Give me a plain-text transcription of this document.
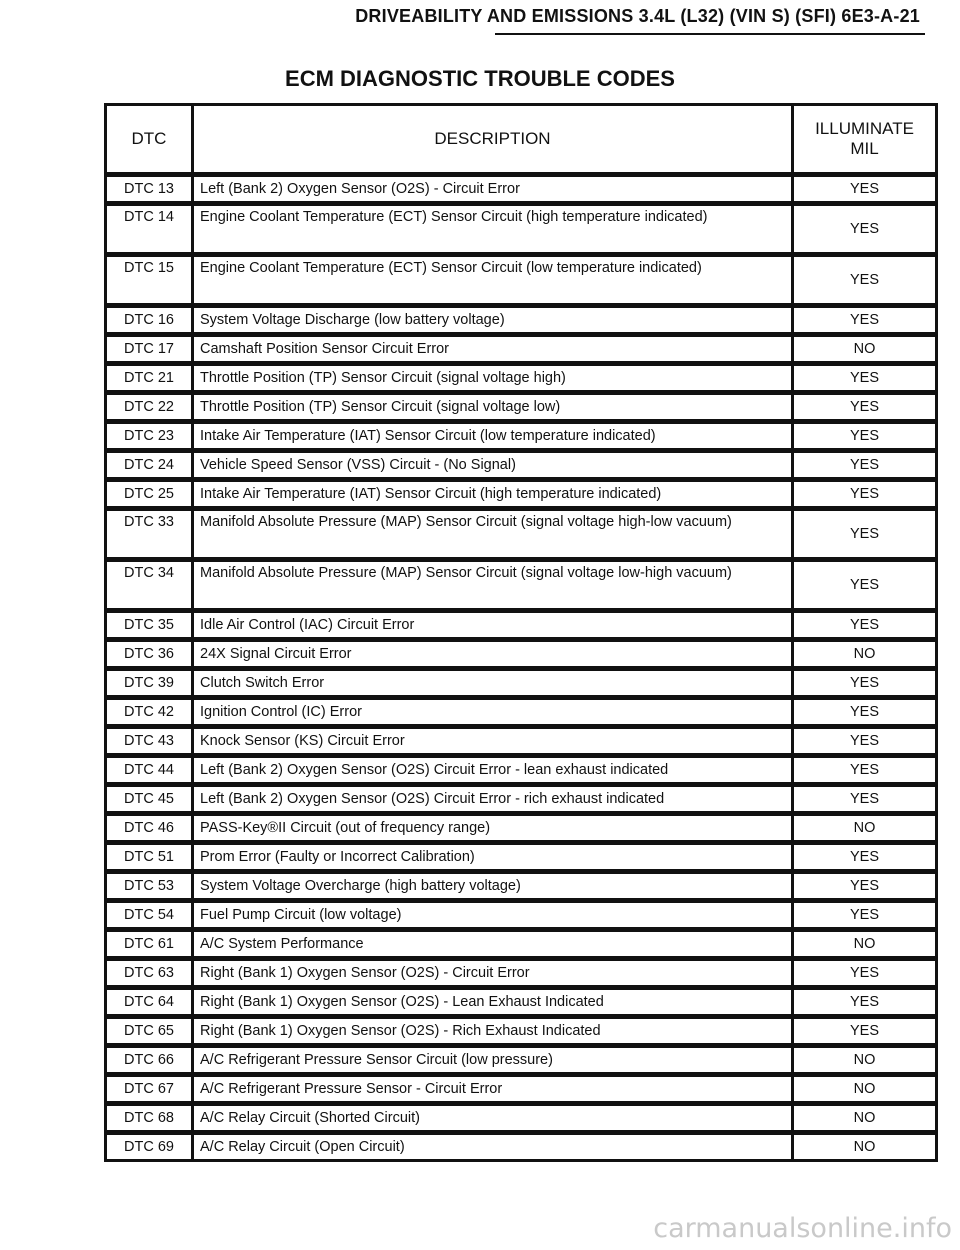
DRIVEABILITY AND EMISSIONS 3.4L (L32) (VIN S) (SFI) 6E3-A-21
ECM DIAGNOSTIC TROUBLE CODES
DTC	DESCRIPTION	ILLUMINATE
MIL
DTC 13	Left (Bank 2) Oxygen Sensor (O2S) - Circuit Error	YES
DTC 14	Engine Coolant Temperature (ECT) Sensor Circuit (high temperature indicated)	YES
DTC 15	Engine Coolant Temperature (ECT) Sensor Circuit (low temperature indicated)	YES
DTC 16	System Voltage Discharge (low battery voltage)	YES
DTC 17	Camshaft Position Sensor Circuit Error	NO
DTC 21	Throttle Position (TP) Sensor Circuit (signal voltage high)	YES
DTC 22	Throttle Position (TP) Sensor Circuit (signal voltage low)	YES
DTC 23	Intake Air Temperature (IAT) Sensor Circuit (low temperature indicated)	YES
DTC 24	Vehicle Speed Sensor (VSS) Circuit - (No Signal)	YES
DTC 25	Intake Air Temperature (IAT) Sensor Circuit (high temperature indicated)	YES
DTC 33	Manifold Absolute Pressure (MAP) Sensor Circuit (signal voltage high-low vacuum)	YES
DTC 34	Manifold Absolute Pressure (MAP) Sensor Circuit (signal voltage low-high vacuum)	YES
DTC 35	Idle Air Control (IAC) Circuit Error	YES
DTC 36	24X Signal Circuit Error	NO
DTC 39	Clutch Switch Error	YES
DTC 42	Ignition Control (IC) Error	YES
DTC 43	Knock Sensor (KS) Circuit Error	YES
DTC 44	Left (Bank 2) Oxygen Sensor (O2S) Circuit Error - lean exhaust indicated	YES
DTC 45	Left (Bank 2) Oxygen Sensor (O2S) Circuit Error - rich exhaust indicated	YES
DTC 46	PASS-Key®II Circuit (out of frequency range)	NO
DTC 51	Prom Error (Faulty or Incorrect Calibration)	YES
DTC 53	System Voltage Overcharge (high battery voltage)	YES
DTC 54	Fuel Pump Circuit (low voltage)	YES
DTC 61	A/C System Performance	NO
DTC 63	Right (Bank 1) Oxygen Sensor (O2S) - Circuit Error	YES
DTC 64	Right (Bank 1) Oxygen Sensor (O2S) - Lean Exhaust Indicated	YES
DTC 65	Right (Bank 1) Oxygen Sensor (O2S) - Rich Exhaust Indicated	YES
DTC 66	A/C Refrigerant Pressure Sensor Circuit (low pressure)	NO
DTC 67	A/C Refrigerant Pressure Sensor - Circuit Error	NO
DTC 68	A/C Relay Circuit (Shorted Circuit)	NO
DTC 69	A/C Relay Circuit (Open Circuit)	NO
carmanualsonline.info
